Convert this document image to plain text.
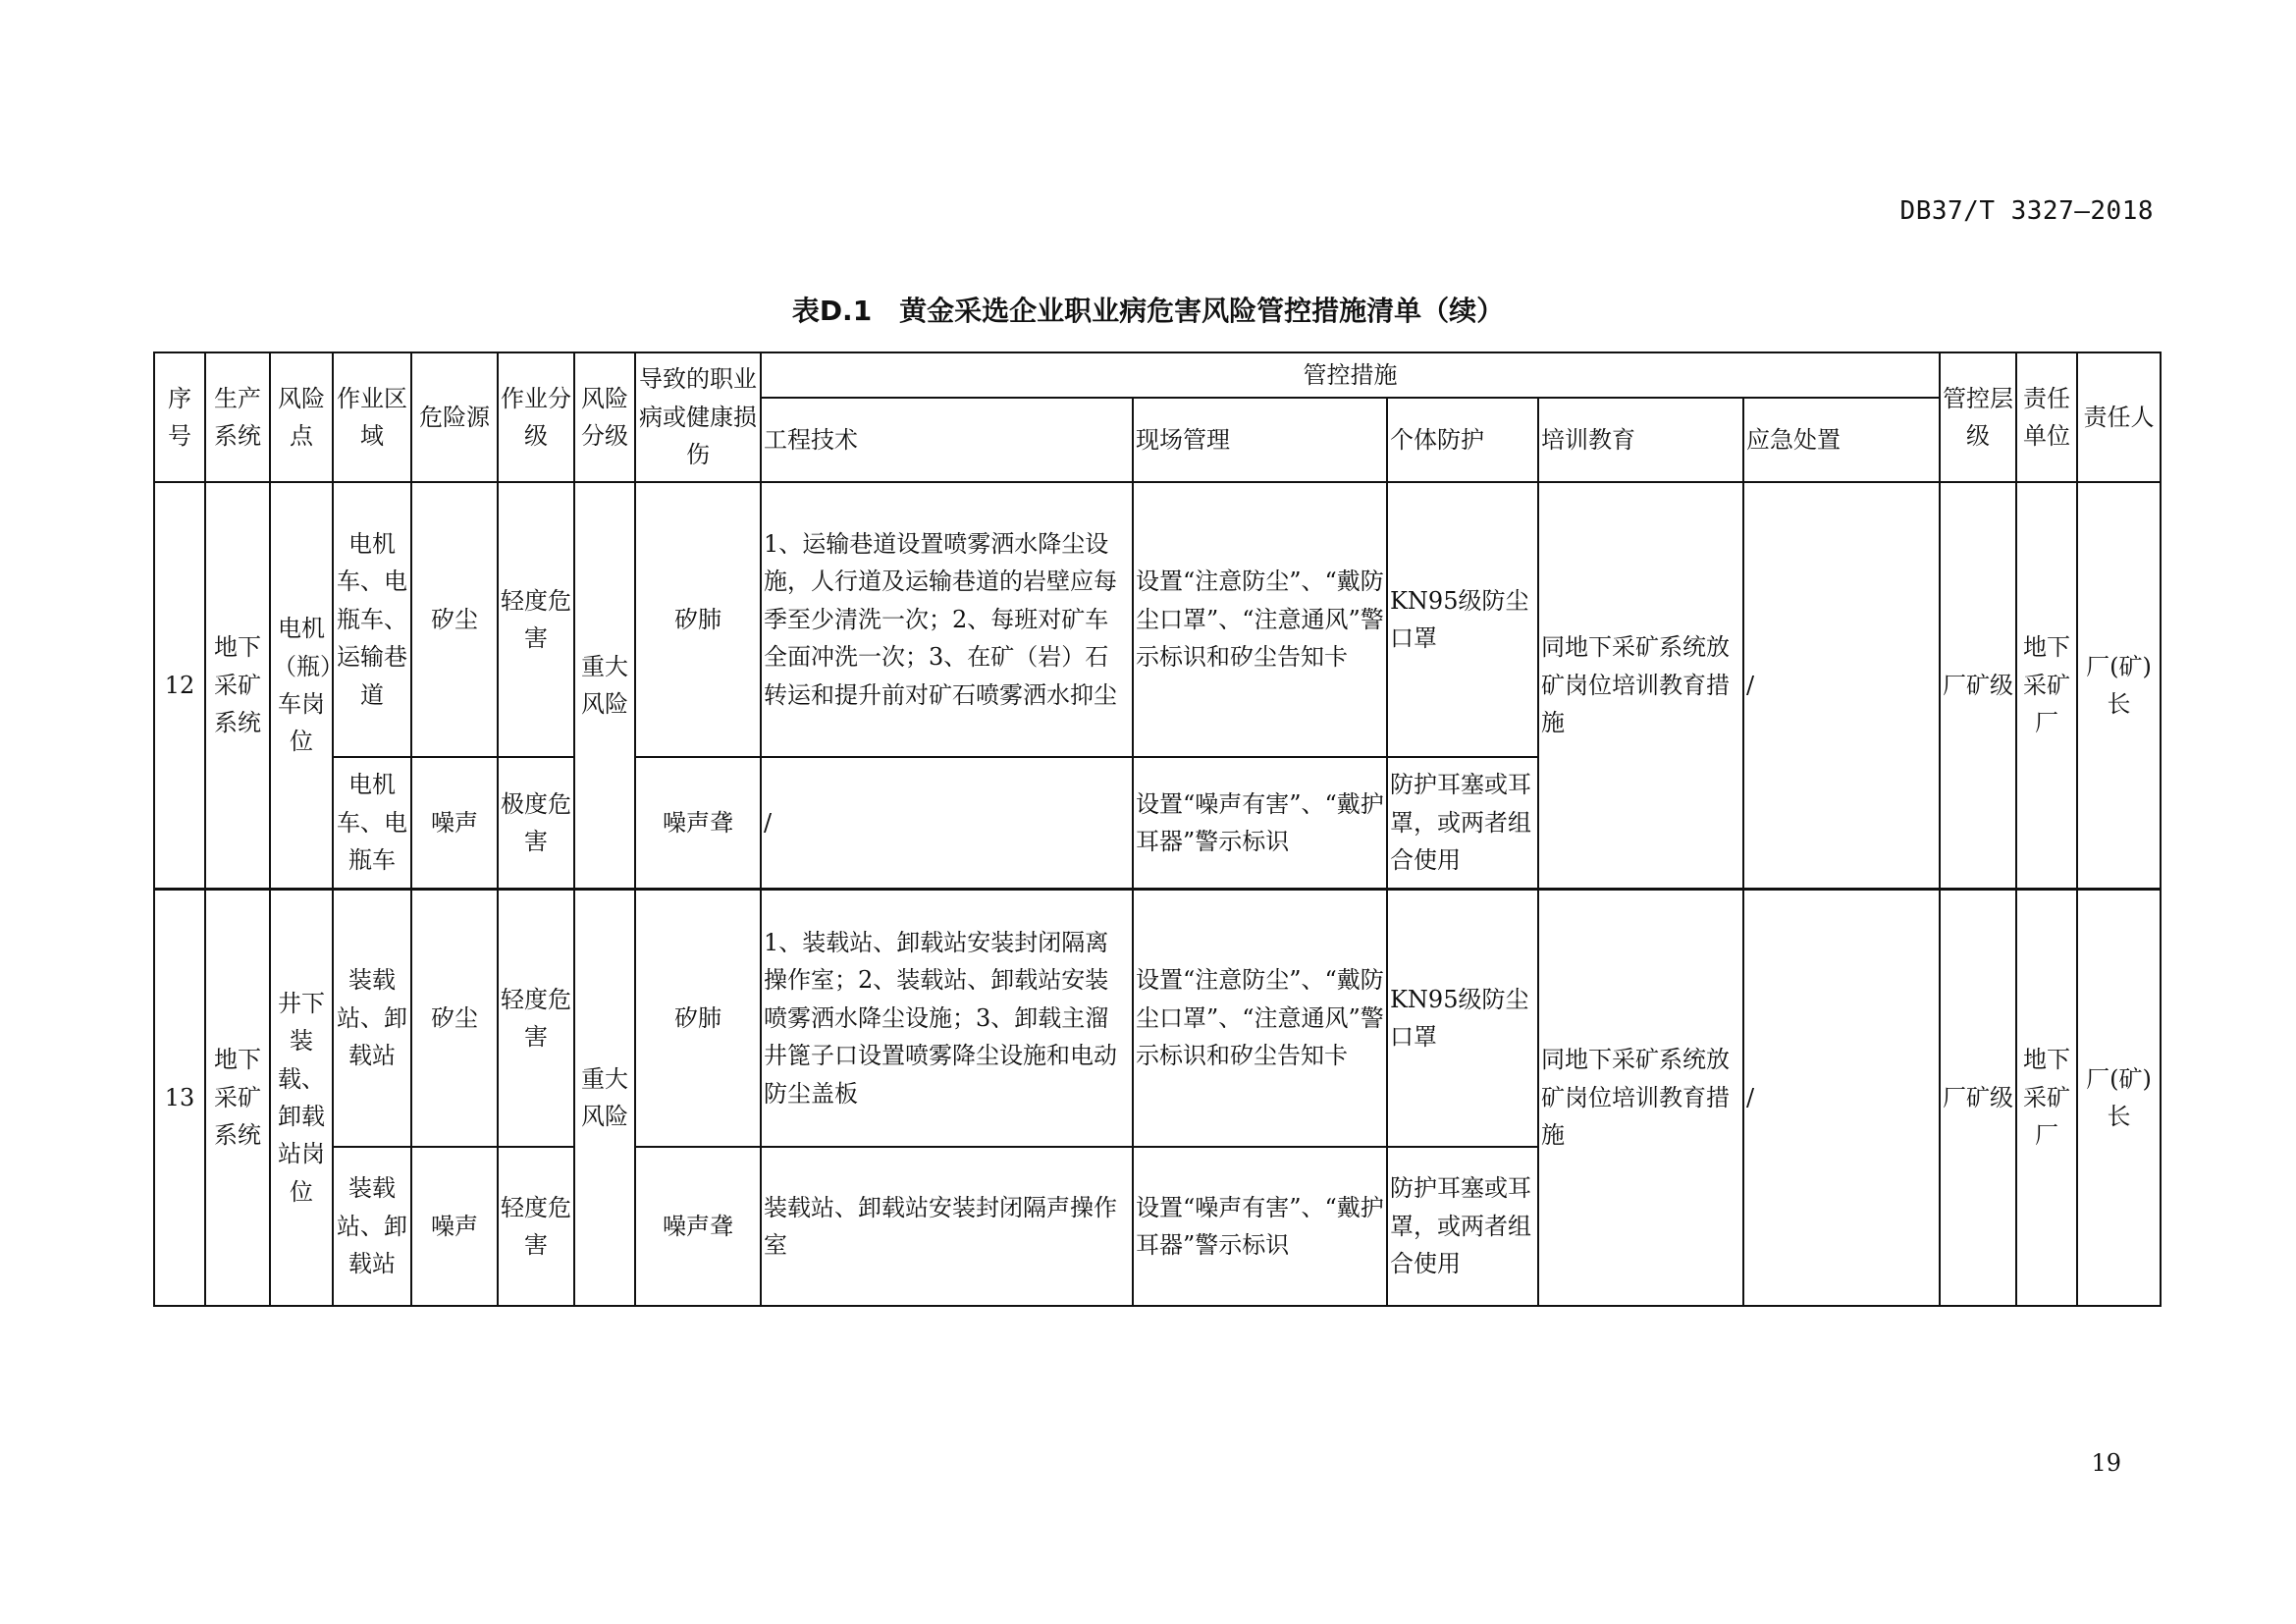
DB37/T 3327—2018
表D.1　黄金采选企业职业病危害风险管控措施清单（续）
序号	生产系统	风险点	作业区域	危险源	作业分级	风险分级	导致的职业病或健康损伤	管控措施					管控层级	责任单位	责任人
								工程技术	现场管理	个体防护	培训教育	应急处置			
12	地下采矿系统	电机（瓶）车岗位	电机车、电瓶车、运输巷道	矽尘	轻度危害	重大风险	矽肺	1、运输巷道设置喷雾洒水降尘设施，人行道及运输巷道的岩壁应每季至少清洗一次；2、每班对矿车全面冲洗一次；3、在矿（岩）石转运和提升前对矿石喷雾洒水抑尘	设置“注意防尘”、“戴防尘口罩”、“注意通风”警示标识和矽尘告知卡	KN95级防尘口罩	同地下采矿系统放矿岗位培训教育措施	/	厂矿级	地下采矿厂	厂(矿)长
			电机车、电瓶车	噪声	极度危害		噪声聋	/	设置“噪声有害”、“戴护耳器”警示标识	防护耳塞或耳罩，或两者组合使用					
13	地下采矿系统	井下装载、卸载站岗位	装载站、卸载站	矽尘	轻度危害	重大风险	矽肺	1、装载站、卸载站安装封闭隔离操作室；2、装载站、卸载站安装喷雾洒水降尘设施；3、卸载主溜井篦子口设置喷雾降尘设施和电动防尘盖板	设置“注意防尘”、“戴防尘口罩”、“注意通风”警示标识和矽尘告知卡	KN95级防尘口罩	同地下采矿系统放矿岗位培训教育措施	/	厂矿级	地下采矿厂	厂(矿)长
			装载站、卸载站	噪声	轻度危害		噪声聋	装载站、卸载站安装封闭隔声操作室	设置“噪声有害”、“戴护耳器”警示标识	防护耳塞或耳罩，或两者组合使用					
19
